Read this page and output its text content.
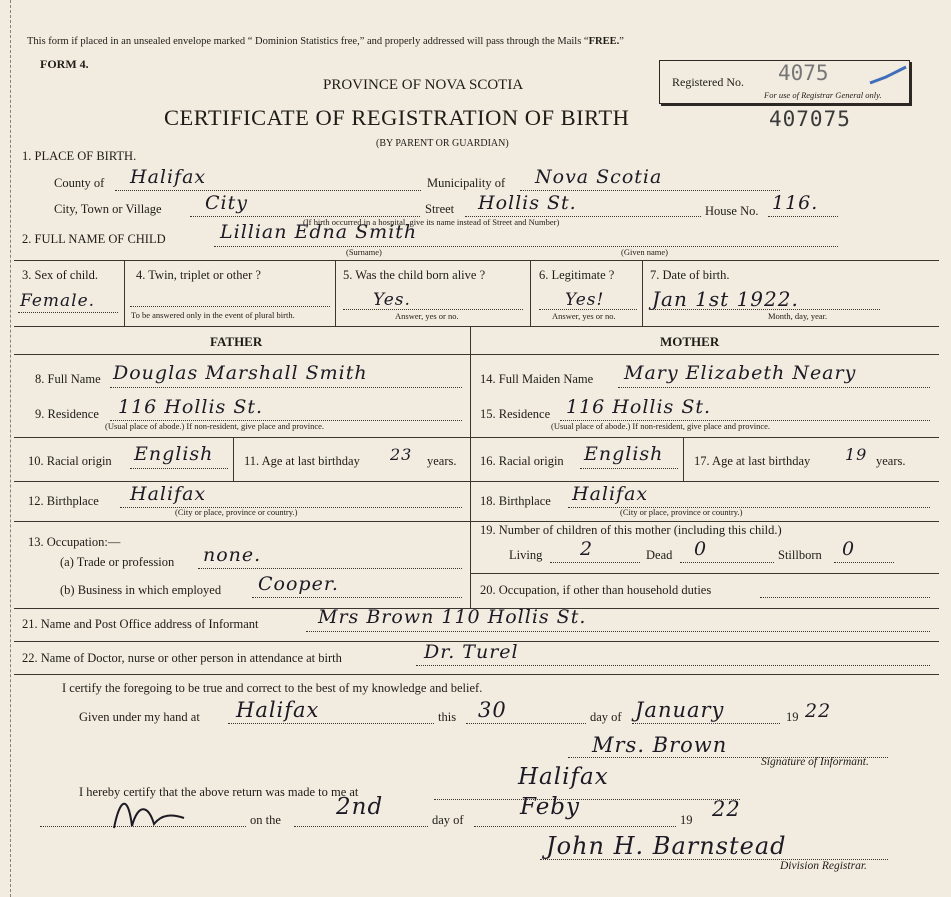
This form if placed in an unsealed envelope marked “ Dominion Statistics free,” and properly addressed will pass through the Mails “FREE.”
FORM 4.
PROVINCE OF NOVA SCOTIA
CERTIFICATE OF REGISTRATION OF BIRTH
(BY PARENT OR GUARDIAN)
407075
Registered No. 4075
For use of Registrar General only.
1. PLACE OF BIRTH.
County of Halifax	Municipality of Nova Scotia
City, Town or Village City	Street Hollis St.	House No. 116.
(If birth occurred in a hospital, give its name instead of Street and Number)
2. FULL NAME OF CHILD	Lillian Edna Smith
(Surname)	(Given name)
3. Sex of child.
Female.
4. Twin, triplet or other ?
To be answered only in the event of plural birth.
5. Was the child born alive ?
Yes.
Answer, yes or no.
6. Legitimate ?
Yes!
Answer, yes or no.
7. Date of birth.
Jan 1st 1922.
Month, day, year.
FATHER	MOTHER
8. Full Name Douglas Marshall Smith
9. Residence 116 Hollis St.
(Usual place of abode.) If non-resident, give place and province.
10. Racial origin English 11. Age at last birthday 23 years.
12. Birthplace Halifax
(City or place, province or country.)
13. Occupation:—
(a) Trade or profession none.
(b) Business in which employed Cooper.
14. Full Maiden Name Mary Elizabeth Neary
15. Residence 116 Hollis St.
(Usual place of abode.) If non-resident, give place and province.
16. Racial origin English 17. Age at last birthday 19 years.
18. Birthplace Halifax
(City or place, province or country.)
19. Number of children of this mother (including this child.)
Living 2	Dead 0	Stillborn 0
20. Occupation, if other than household duties
21. Name and Post Office address of Informant	Mrs Brown 110 Hollis St.
22. Name of Doctor, nurse or other person in attendance at birth	Dr. Turel
I certify the foregoing to be true and correct to the best of my knowledge and belief.
Given under my hand at Halifax	this 30	day of January	19 22
Mrs. Brown
Signature of Informant.
I hereby certify that the above return was made to me at
Halifax
on the 2nd	day of Feby	19 22
John H. Barnstead
Division Registrar.
